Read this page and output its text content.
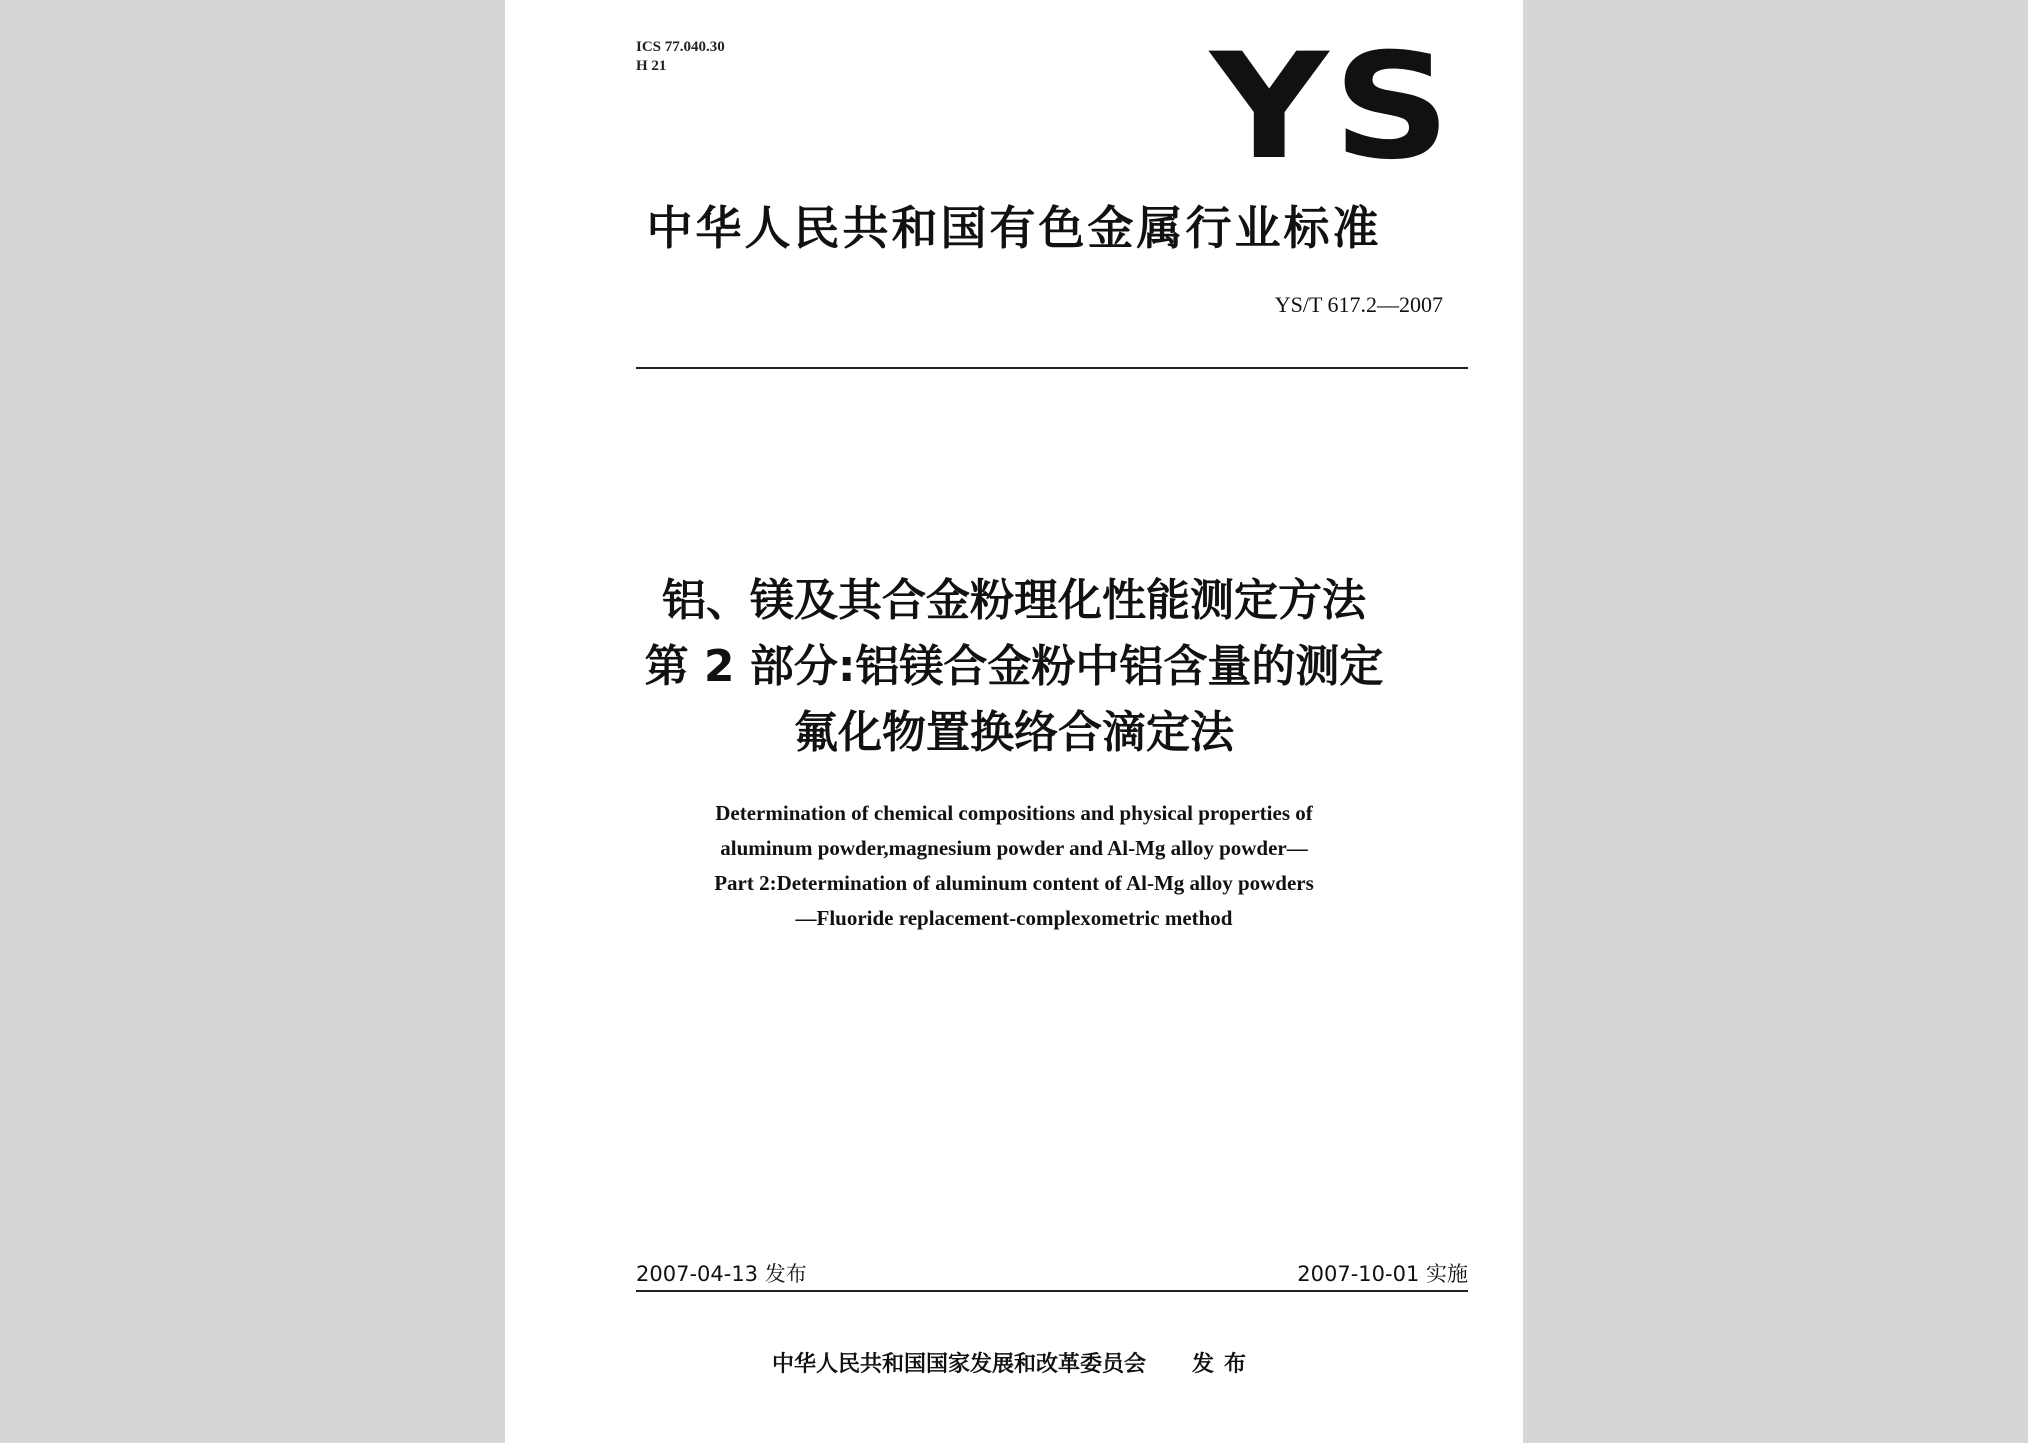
ICS 77.040.30
H 21	YS
中华人民共和国有色金属行业标准
YS/T 617.2—2007
铝、镁及其合金粉理化性能测定方法
第 2 部分:铝镁合金粉中铝含量的测定
氟化物置换络合滴定法
Determination of chemical compositions and physical properties of
aluminum powder,magnesium powder and Al-Mg alloy powder—
Part 2:Determination of aluminum content of Al-Mg alloy powders
—Fluoride replacement-complexometric method
2007-04-13 发布	2007-10-01 实施
中华人民共和国国家发展和改革委员会 发布
